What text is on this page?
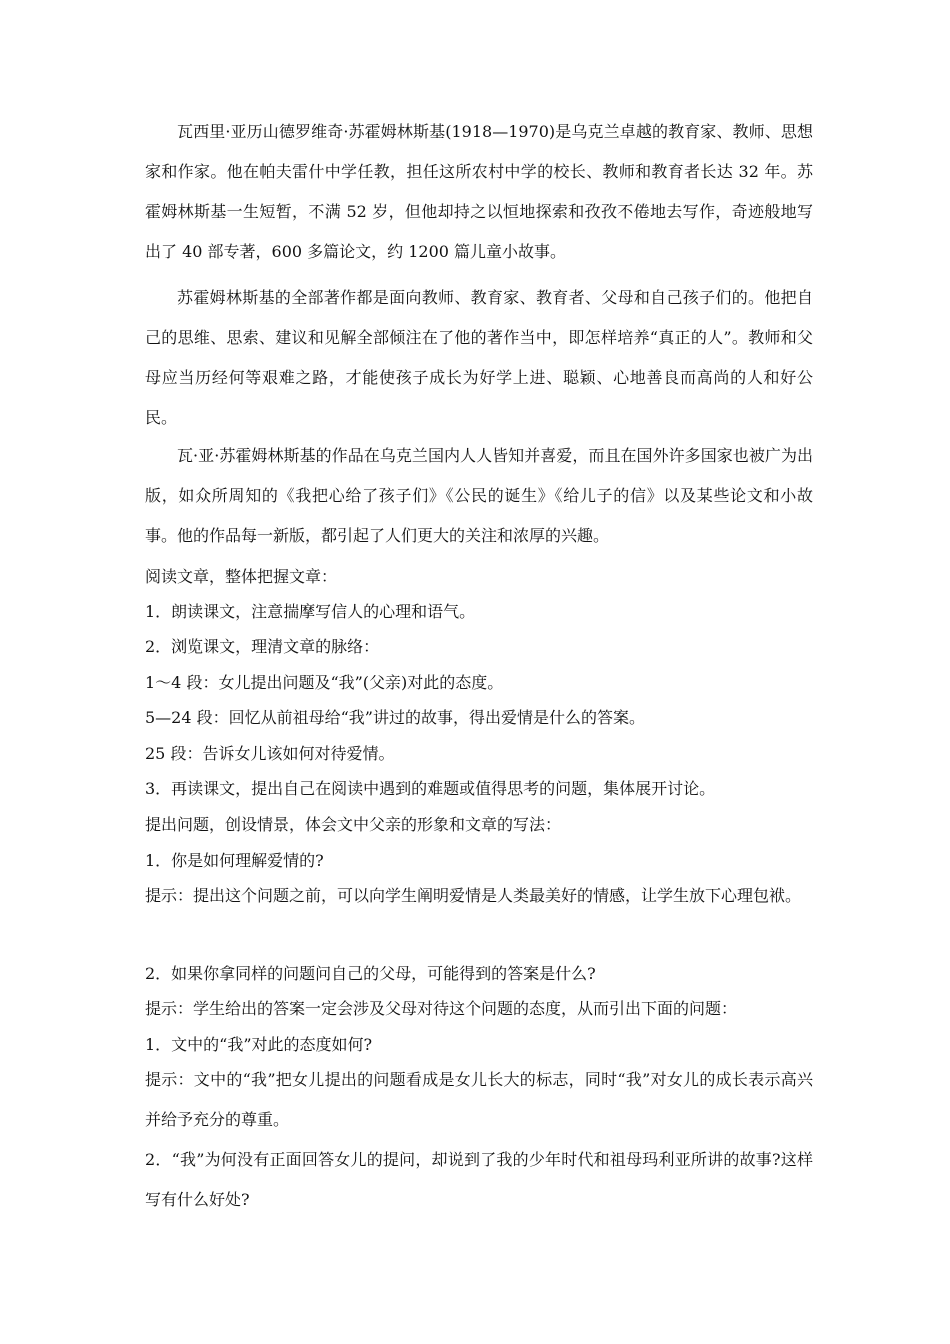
瓦西里·亚历山德罗维奇·苏霍姆林斯基(1918—1970)是乌克兰卓越的教育家、教师、思想家和作家。他在帕夫雷什中学任教，担任这所农村中学的校长、教师和教育者长达 32 年。苏霍姆林斯基一生短暂，不满 52 岁，但他却持之以恒地探索和孜孜不倦地去写作，奇迹般地写出了 40 部专著，600 多篇论文，约 1200 篇儿童小故事。

苏霍姆林斯基的全部著作都是面向教师、教育家、教育者、父母和自己孩子们的。他把自己的思维、思索、建议和见解全部倾注在了他的著作当中，即怎样培养“真正的人”。教师和父母应当历经何等艰难之路，才能使孩子成长为好学上进、聪颖、心地善良而高尚的人和好公民。

瓦·亚·苏霍姆林斯基的作品在乌克兰国内人人皆知并喜爱，而且在国外许多国家也被广为出版，如众所周知的《我把心给了孩子们》《公民的诞生》《给儿子的信》以及某些论文和小故事。他的作品每一新版，都引起了人们更大的关注和浓厚的兴趣。

阅读文章，整体把握文章：

1．朗读课文，注意揣摩写信人的心理和语气。

2．浏览课文，理清文章的脉络：

1～4 段：女儿提出问题及“我”(父亲)对此的态度。

5—24 段：回忆从前祖母给“我”讲过的故事，得出爱情是什么的答案。

25 段：告诉女儿该如何对待爱情。

3．再读课文，提出自己在阅读中遇到的难题或值得思考的问题，集体展开讨论。

提出问题，创设情景，体会文中父亲的形象和文章的写法：

1．你是如何理解爱情的?

提示：提出这个问题之前，可以向学生阐明爱情是人类最美好的情感，让学生放下心理包袱。

2．如果你拿同样的问题问自己的父母，可能得到的答案是什么?

提示：学生给出的答案一定会涉及父母对待这个问题的态度，从而引出下面的问题：

1．文中的“我”对此的态度如何?

提示：文中的“我”把女儿提出的问题看成是女儿长大的标志，同时“我”对女儿的成长表示高兴并给予充分的尊重。

2．“我”为何没有正面回答女儿的提问，却说到了我的少年时代和祖母玛利亚所讲的故事?这样写有什么好处?
